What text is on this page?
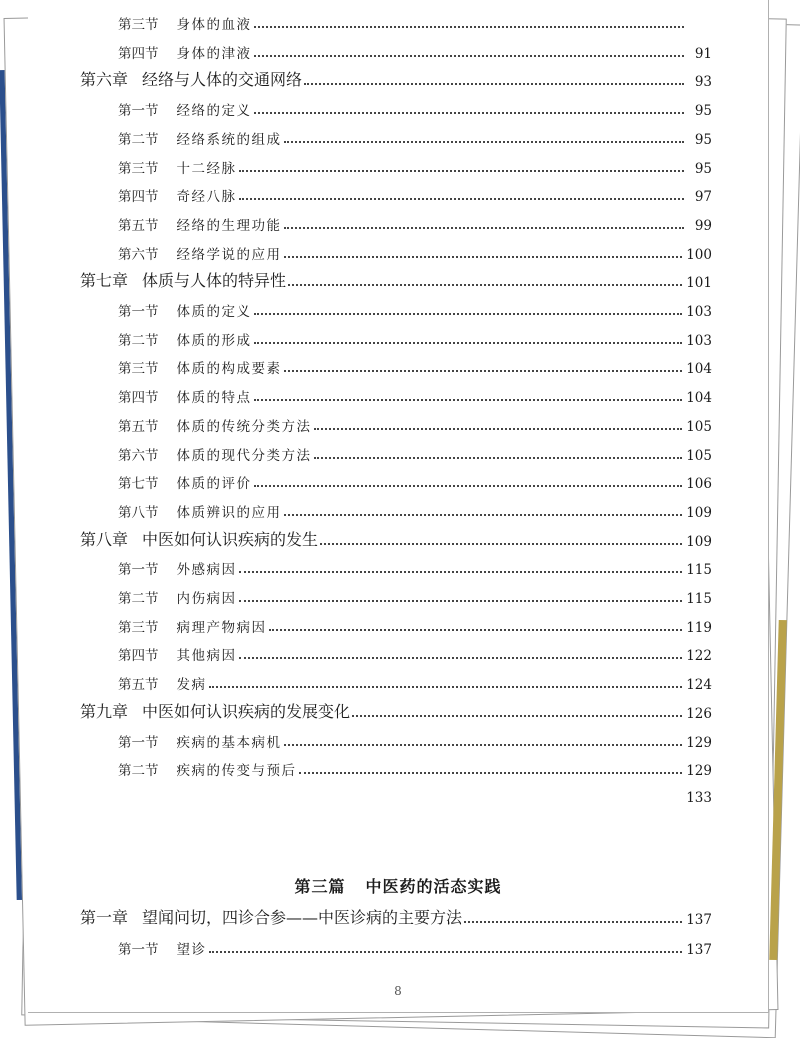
第三节 身体的血液
第四节 身体的津液	91
第六章 经络与人体的交通网络	93
第一节 经络的定义	95
第二节 经络系统的组成	95
第三节 十二经脉	95
第四节 奇经八脉	97
第五节 经络的生理功能	99
第六节 经络学说的应用	100
第七章 体质与人体的特异性	101
第一节 体质的定义	103
第二节 体质的形成	103
第三节 体质的构成要素	104
第四节 体质的特点	104
第五节 体质的传统分类方法	105
第六节 体质的现代分类方法	105
第七节 体质的评价	106
第八节 体质辨识的应用	109
第八章 中医如何认识疾病的发生	109
第一节 外感病因	115
第二节 内伤病因	115
第三节 病理产物病因	119
第四节 其他病因	122
第五节 发病	124
第九章 中医如何认识疾病的发展变化	126
第一节 疾病的基本病机	129
第二节 疾病的传变与预后	129
133
第一章 望闻问切，四诊合参——中医诊病的主要方法	137
第一节 望诊	137
第三篇 中医药的活态实践
8
